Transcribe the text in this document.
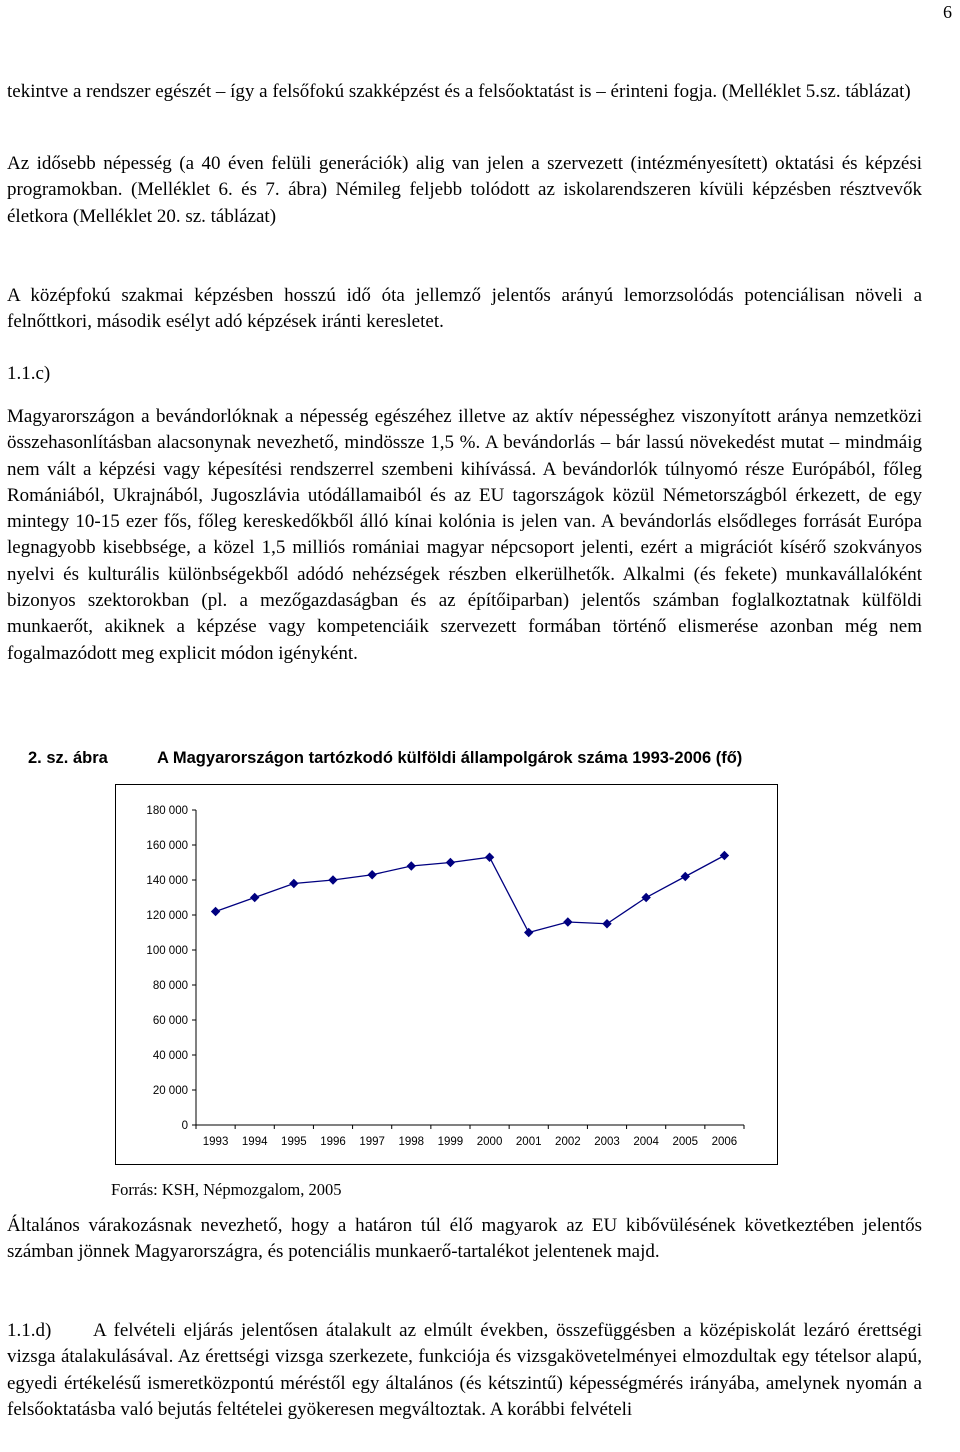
6

tekintve a rendszer egészét – így a felsőfokú szakképzést és a felsőoktatást is – érinteni fogja. (Melléklet 5.sz. táblázat)

Az idősebb népesség (a 40 éven felüli generációk) alig van jelen a szervezett (intézményesített) oktatási és képzési programokban. (Melléklet 6. és 7. ábra) Némileg feljebb tolódott az iskolarendszeren kívüli képzésben résztvevők életkora (Melléklet 20. sz. táblázat)

A középfokú szakmai képzésben hosszú idő óta jellemző jelentős arányú lemorzsolódás potenciálisan növeli a felnőttkori, második esélyt adó képzések iránti keresletet.

1.1.c)

Magyarországon a bevándorlóknak a népesség egészéhez illetve az aktív népességhez viszonyított aránya nemzetközi összehasonlításban alacsonynak nevezhető, mindössze 1,5 %. A bevándorlás – bár lassú növekedést mutat – mindmáig nem vált a képzési vagy képesítési rendszerrel szembeni kihívássá. A bevándorlók túlnyomó része Európából, főleg Romániából, Ukrajnából, Jugoszlávia utódállamaiból és az EU tagországok közül Németországból érkezett, de egy mintegy 10-15 ezer fős, főleg kereskedőkből álló kínai kolónia is jelen van. A bevándorlás elsődleges forrását Európa legnagyobb kisebbsége, a közel 1,5 milliós romániai magyar népcsoport jelenti, ezért a migrációt kísérő szokványos nyelvi és kulturális különbségekből adódó nehézségek részben elkerülhetők. Alkalmi (és fekete) munkavállalóként bizonyos szektorokban (pl. a mezőgazdaságban és az építőiparban) jelentős számban foglalkoztatnak külföldi munkaerőt, akiknek a képzése vagy kompetenciáik szervezett formában történő elismerése azonban még nem fogalmazódott meg explicit módon igényként.

2. sz. ábra	A Magyarországon tartózkodó külföldi állampolgárok száma 1993-2006 (fő)
0
20 000
40 000
60 000
80 000
100 000
120 000
140 000
160 000
180 000
1993 1994 1995 1996 1997 1998 1999 2000 2001 2002 2003 2004 2005 2006

Forrás: KSH, Népmozgalom, 2005

Általános várakozásnak nevezhető, hogy a határon túl élő magyarok az EU kibővülésének következtében jelentős számban jönnek Magyarországra, és potenciális munkaerő-tartalékot jelentenek majd.

1.1.d) A felvételi eljárás jelentősen átalakult az elmúlt években, összefüggésben a középiskolát lezáró érettségi vizsga átalakulásával. Az érettségi vizsga szerkezete, funkciója és vizsgakövetelményei elmozdultak egy tételsor alapú, egyedi értékelésű ismeretközpontú méréstől egy általános (és kétszintű) képességmérés irányába, amelynek nyomán a felsőoktatásba való bejutás feltételei gyökeresen megváltoztak. A korábbi felvételi
